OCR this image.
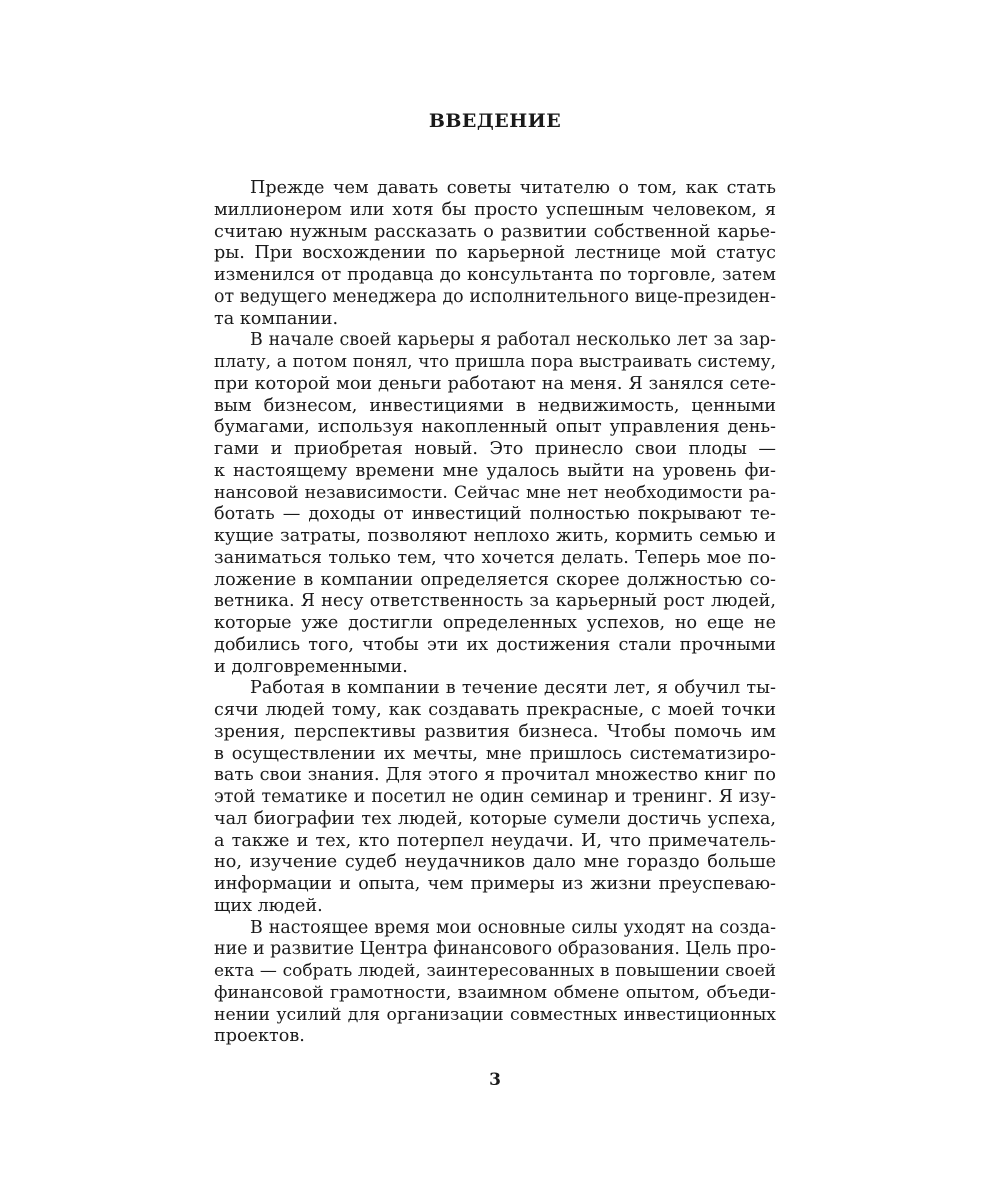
ВВЕДЕНИЕ
Прежде чем давать советы читателю о том, как стать
миллионером или хотя бы просто успешным человеком, я
считаю нужным рассказать о развитии собственной карье-
ры. При восхождении по карьерной лестнице мой статус
изменился от продавца до консультанта по торговле, затем
от ведущего менеджера до исполнительного вице-президен-
та компании.
В начале своей карьеры я работал несколько лет за зар-
плату, а потом понял, что пришла пора выстраивать систему,
при которой мои деньги работают на меня. Я занялся сете-
вым бизнесом, инвестициями в недвижимость, ценными
бумагами, используя накопленный опыт управления день-
гами и приобретая новый. Это принесло свои плоды —
к настоящему времени мне удалось выйти на уровень фи-
нансовой независимости. Сейчас мне нет необходимости ра-
ботать — доходы от инвестиций полностью покрывают те-
кущие затраты, позволяют неплохо жить, кормить семью и
заниматься только тем, что хочется делать. Теперь мое по-
ложение в компании определяется скорее должностью со-
ветника. Я несу ответственность за карьерный рост людей,
которые уже достигли определенных успехов, но еще не
добились того, чтобы эти их достижения стали прочными
и долговременными.
Работая в компании в течение десяти лет, я обучил ты-
сячи людей тому, как создавать прекрасные, с моей точки
зрения, перспективы развития бизнеса. Чтобы помочь им
в осуществлении их мечты, мне пришлось систематизиро-
вать свои знания. Для этого я прочитал множество книг по
этой тематике и посетил не один семинар и тренинг. Я изу-
чал биографии тех людей, которые сумели достичь успеха,
а также и тех, кто потерпел неудачи. И, что примечатель-
но, изучение судеб неудачников дало мне гораздо больше
информации и опыта, чем примеры из жизни преуспеваю-
щих людей.
В настоящее время мои основные силы уходят на созда-
ние и развитие Центра финансового образования. Цель про-
екта — собрать людей, заинтересованных в повышении своей
финансовой грамотности, взаимном обмене опытом, объеди-
нении усилий для организации совместных инвестиционных
проектов.
3
